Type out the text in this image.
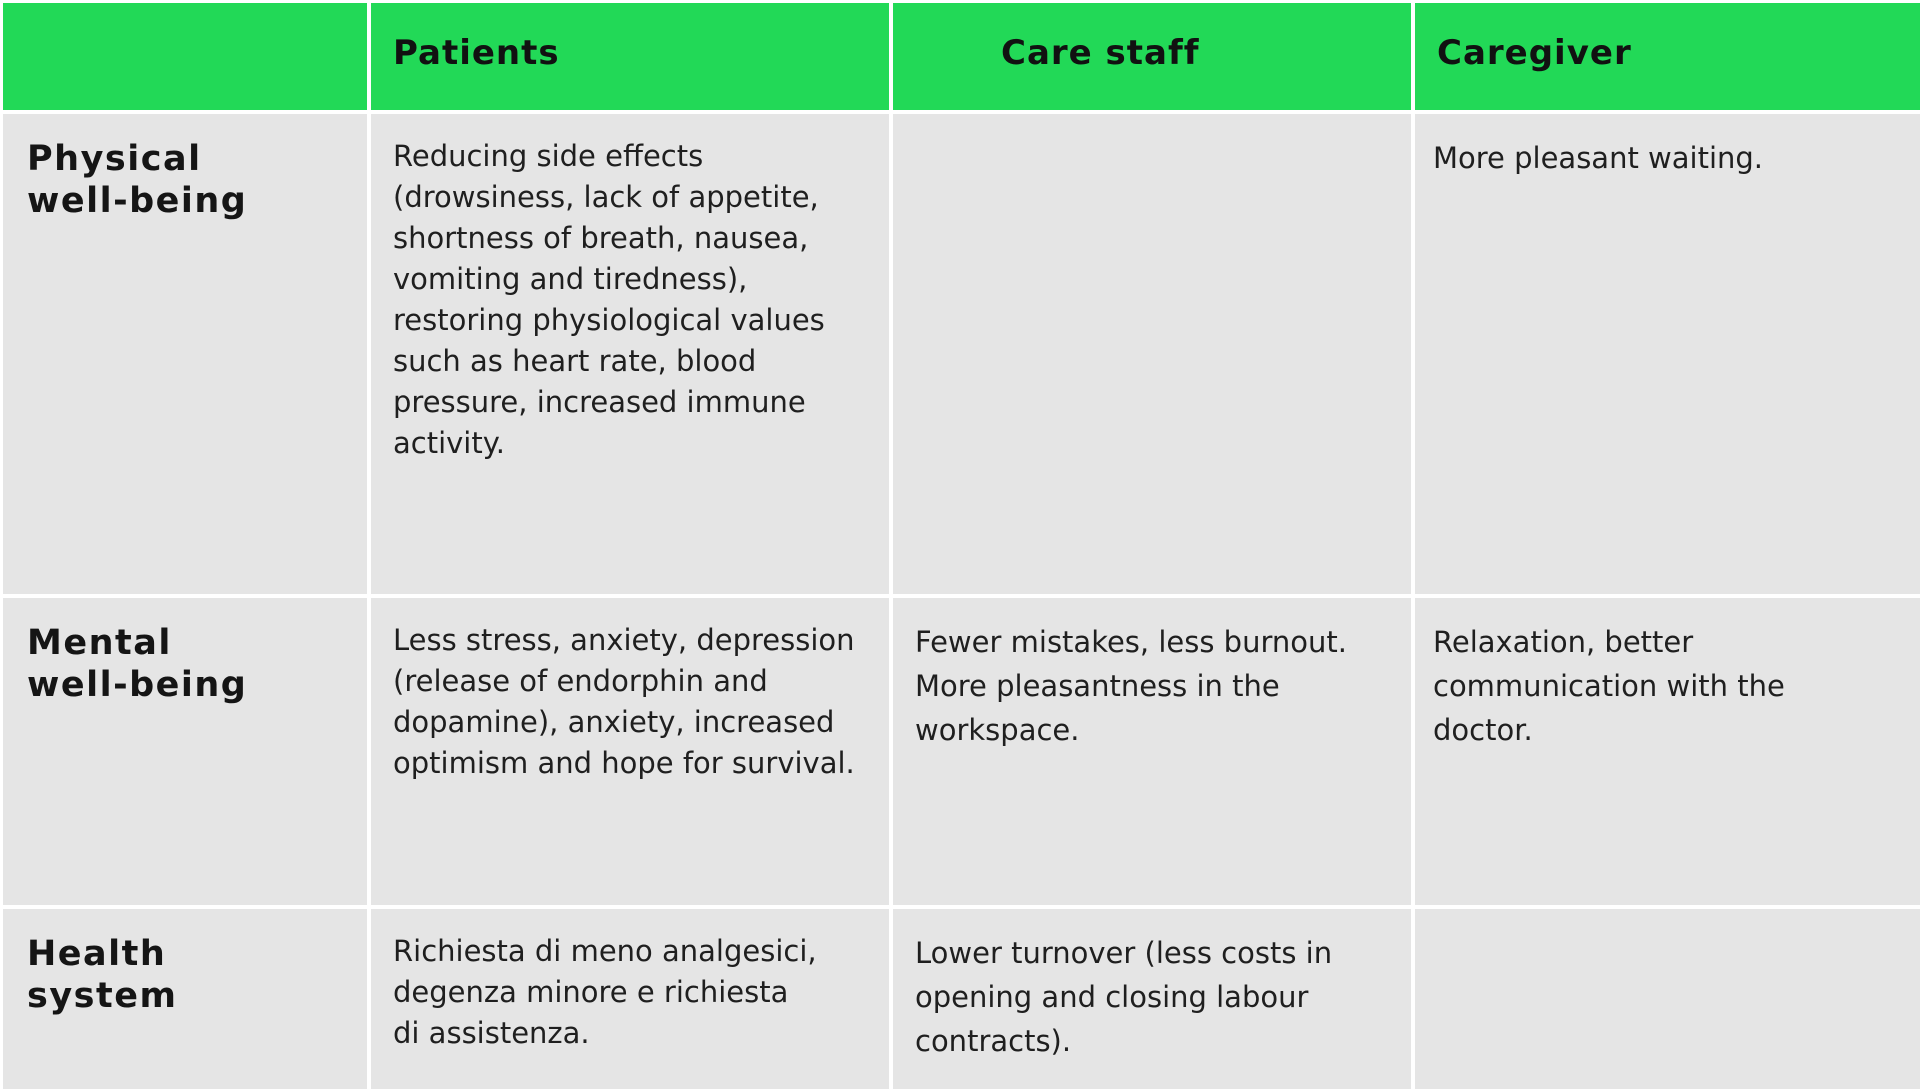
Patients	Care staff	Caregiver
Physical
well-being
Reducing side effects
(drowsiness, lack of appetite,
shortness of breath, nausea,
vomiting and tiredness),
restoring physiological values
such as heart rate, blood
pressure, increased immune
activity.
More pleasant waiting.
Mental
well-being
Less stress, anxiety, depression
(release of endorphin and
dopamine), anxiety, increased
optimism and hope for survival.
Fewer mistakes, less burnout.
More pleasantness in the
workspace.
Relaxation, better
communication with the
doctor.
Health
system
Richiesta di meno analgesici,
degenza minore e richiesta
di assistenza.
Lower turnover (less costs in
opening and closing labour
contracts).
